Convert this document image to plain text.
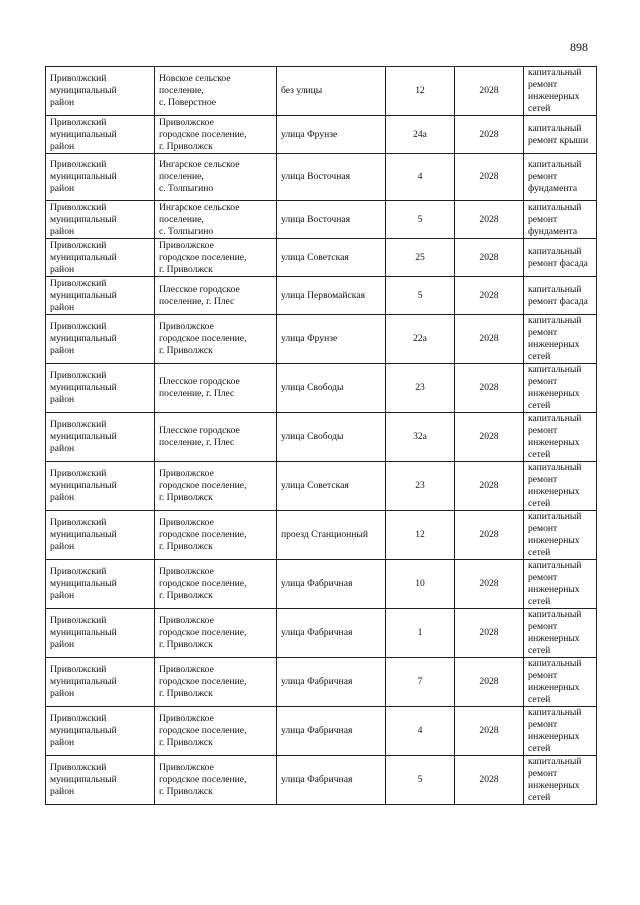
898
Приволжский
муниципальный
район	Новское сельское
поселение,
с. Поверстное	без улицы	12	2028	капитальный
ремонт
инженерных
сетей
Приволжский
муниципальный
район	Приволжское
городское поселение,
г. Приволжск	улица Фрунзе	24а	2028	капитальный
ремонт крыши
Приволжский
муниципальный
район	Ингарское сельское
поселение,
с. Толпыгино	улица Восточная	4	2028	капитальный
ремонт
фундамента
Приволжский
муниципальный
район	Ингарское сельское
поселение,
с. Толпыгино	улица Восточная	5	2028	капитальный
ремонт
фундамента
Приволжский
муниципальный
район	Приволжское
городское поселение,
г. Приволжск	улица Советская	25	2028	капитальный
ремонт фасада
Приволжский
муниципальный
район	Плесское городское
поселение, г. Плес	улица Первомайская	5	2028	капитальный
ремонт фасада
Приволжский
муниципальный
район	Приволжское
городское поселение,
г. Приволжск	улица Фрунзе	22а	2028	капитальный
ремонт
инженерных
сетей
Приволжский
муниципальный
район	Плесское городское
поселение, г. Плес	улица Свободы	23	2028	капитальный
ремонт
инженерных
сетей
Приволжский
муниципальный
район	Плесское городское
поселение, г. Плес	улица Свободы	32а	2028	капитальный
ремонт
инженерных
сетей
Приволжский
муниципальный
район	Приволжское
городское поселение,
г. Приволжск	улица Советская	23	2028	капитальный
ремонт
инженерных
сетей
Приволжский
муниципальный
район	Приволжское
городское поселение,
г. Приволжск	проезд Станционный	12	2028	капитальный
ремонт
инженерных
сетей
Приволжский
муниципальный
район	Приволжское
городское поселение,
г. Приволжск	улица Фабричная	10	2028	капитальный
ремонт
инженерных
сетей
Приволжский
муниципальный
район	Приволжское
городское поселение,
г. Приволжск	улица Фабричная	1	2028	капитальный
ремонт
инженерных
сетей
Приволжский
муниципальный
район	Приволжское
городское поселение,
г. Приволжск	улица Фабричная	7	2028	капитальный
ремонт
инженерных
сетей
Приволжский
муниципальный
район	Приволжское
городское поселение,
г. Приволжск	улица Фабричная	4	2028	капитальный
ремонт
инженерных
сетей
Приволжский
муниципальный
район	Приволжское
городское поселение,
г. Приволжск	улица Фабричная	5	2028	капитальный
ремонт
инженерных
сетей
